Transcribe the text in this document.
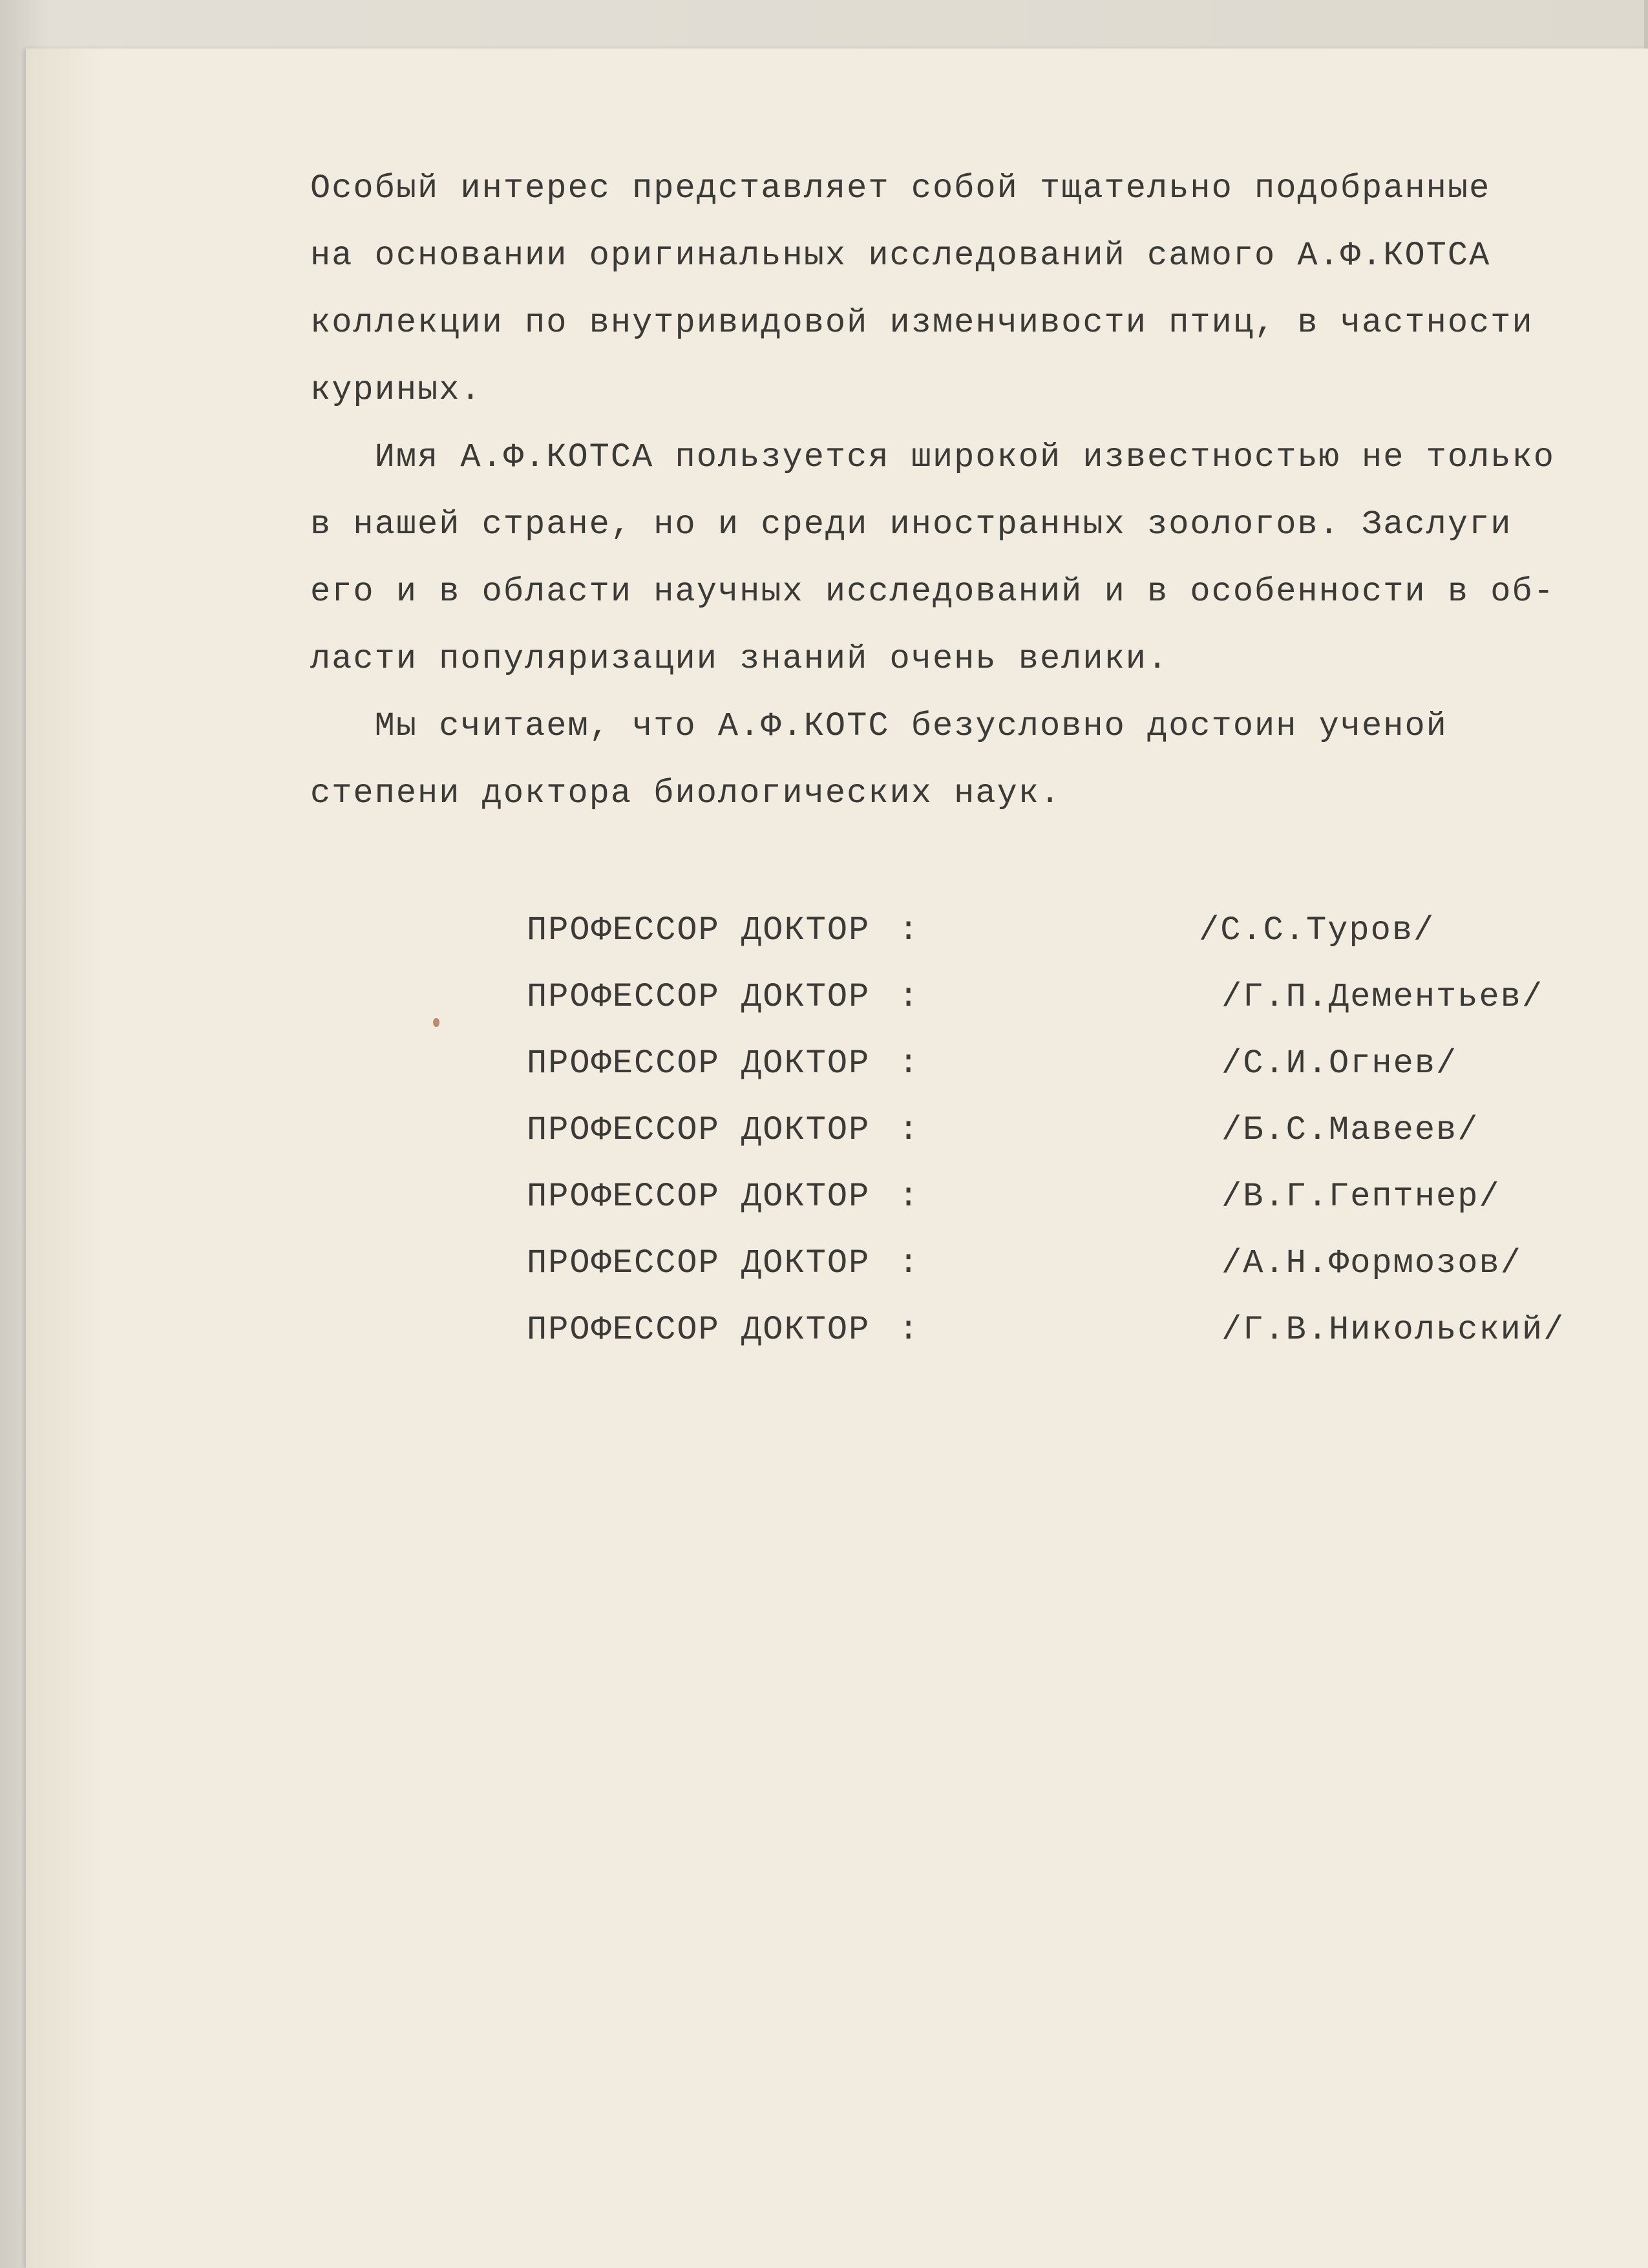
Особый интерес представляет собой тщательно подобранные
на основании оригинальных исследований самого А.Ф.КОТСА
коллекции по внутривидовой изменчивости птиц, в частности
куриных.
Имя А.Ф.КОТСА пользуется широкой известностью не только
в нашей стране, но и среди иностранных зоологов. Заслуги
его и в области научных исследований и в особенности в об-
ласти популяризации знаний очень велики.
Мы считаем, что А.Ф.КОТС безусловно достоин ученой
степени доктора биологических наук.

ПРОФЕССОР ДОКТОР

:

	/С.С.Туров/

ПРОФЕССОР ДОКТОР

:

	/Г.П.Дементьев/

ПРОФЕССОР ДОКТОР

:

	/С.И.Огнев/

ПРОФЕССОР ДОКТОР

:

	/Б.С.Мавеев/

ПРОФЕССОР ДОКТОР

:

	/В.Г.Гептнер/

ПРОФЕССОР ДОКТОР

:

	/А.Н.Формозов/

ПРОФЕССОР ДОКТОР

:

	/Г.В.Никольский/
